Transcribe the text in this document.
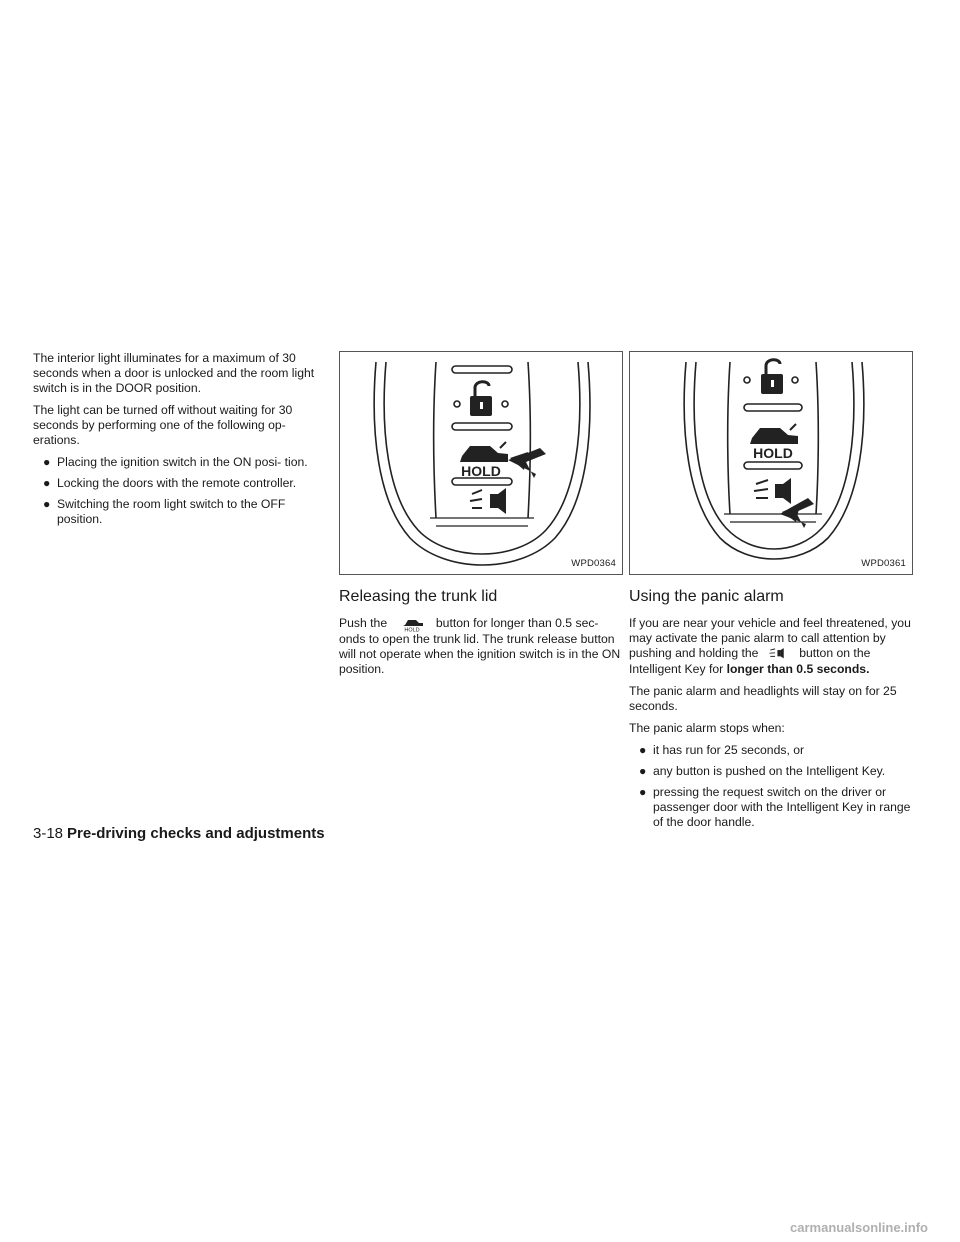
The interior light illuminates for a maximum of 30 seconds when a door is unlocked and the room light switch is in the DOOR position.

The light can be turned off without waiting for 30 seconds by performing one of the following op- erations.

● Placing the ignition switch in the ON posi- tion.
● Locking the doors with the remote controller.
● Switching the room light switch to the OFF position.
HOLD
WPD0364
Releasing the trunk lid

Push the
HOLD
button for longer than 0.5 sec- onds to open the trunk lid. The trunk release button will not operate when the ignition switch is in the ON position.

HOLD
WPD0361
Using the panic alarm

If you are near your vehicle and feel threatened, you may activate the panic alarm to call attention by pushing and holding the	button on the Intelligent Key for longer than 0.5 seconds.

The panic alarm and headlights will stay on for 25 seconds.

The panic alarm stops when:

● it has run for 25 seconds, or
● any button is pushed on the Intelligent Key.
● pressing the request switch on the driver or passenger door with the Intelligent Key in range of the door handle.
3-18 Pre-driving checks and adjustments
carmanualsonline.info
